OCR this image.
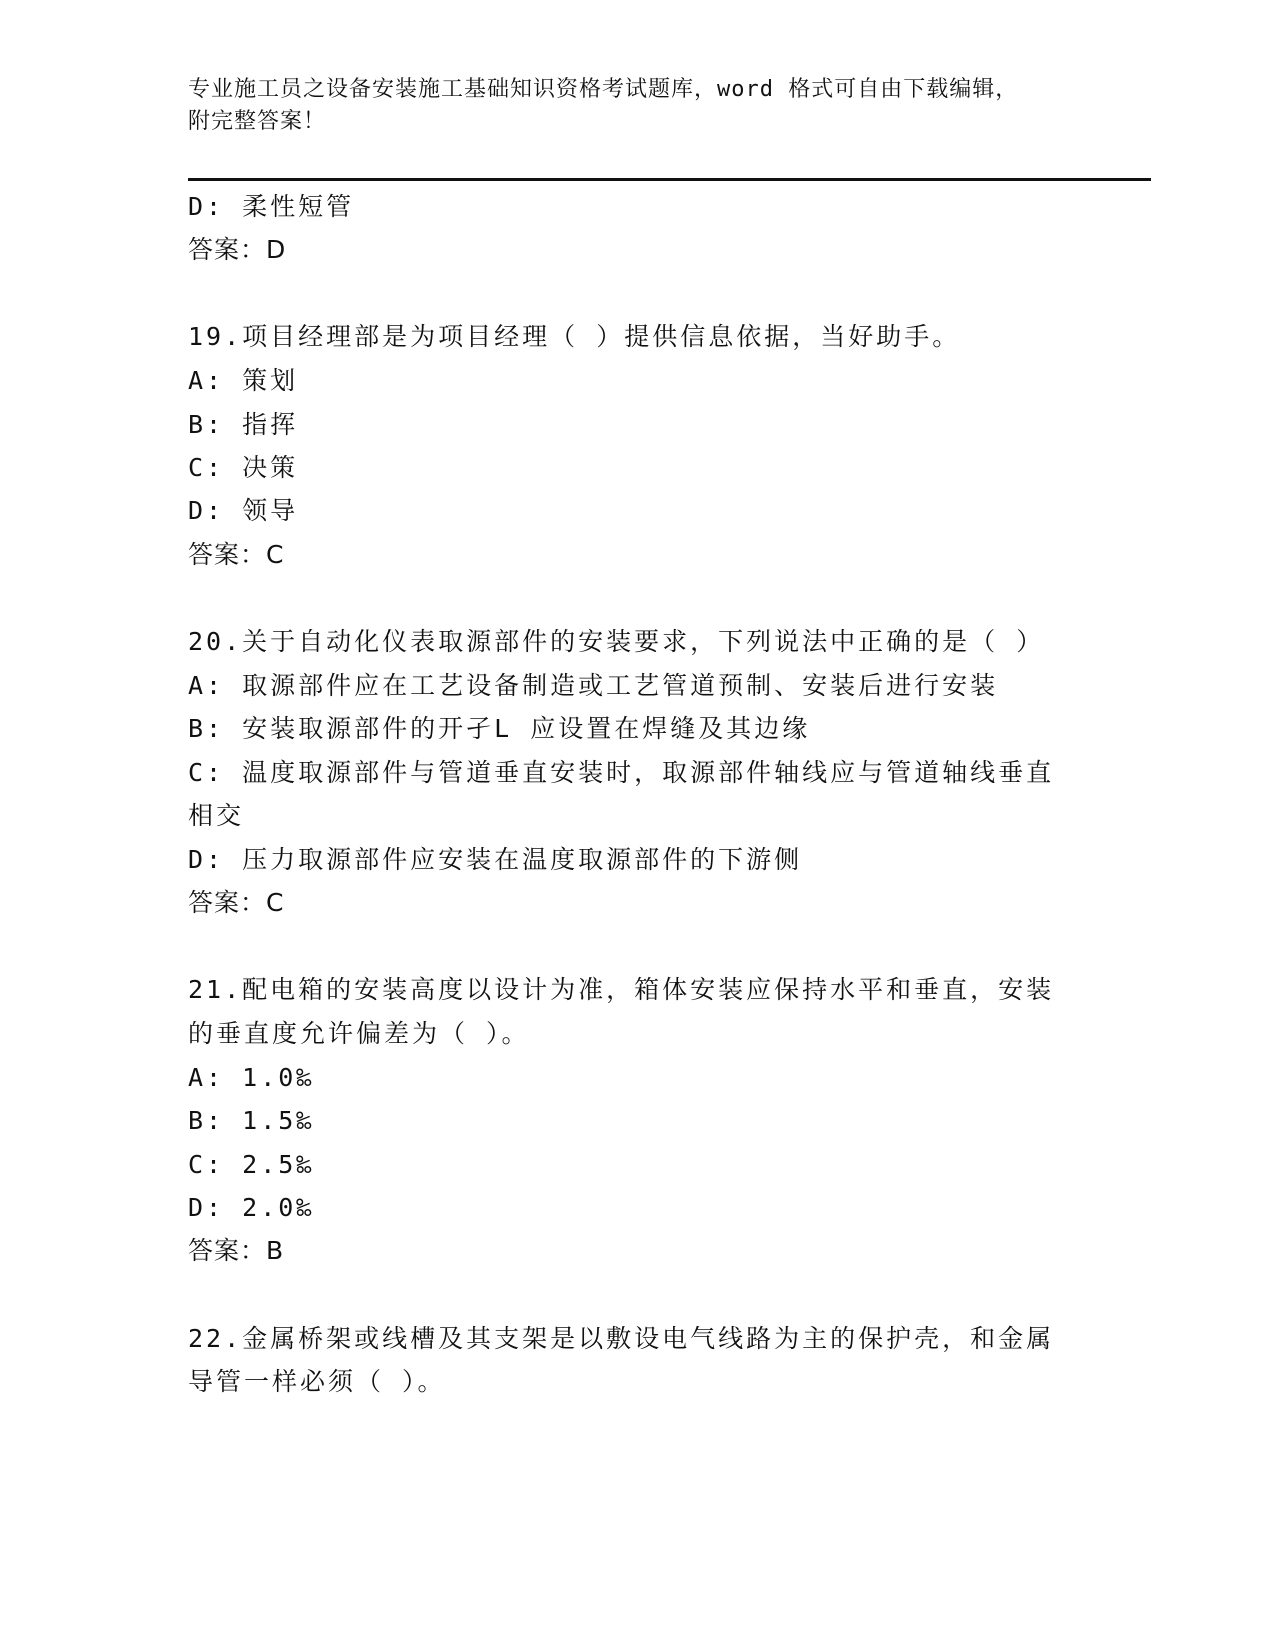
专业施工员之设备安装施工基础知识资格考试题库，word 格式可自由下载编辑，
附完整答案！
D: 柔性短管
答案：D
19.项目经理部是为项目经理（ ）提供信息依据，当好助手。
A: 策划
B: 指挥
C: 决策
D: 领导
答案：C
20.关于自动化仪表取源部件的安装要求，下列说法中正确的是（ ）
A: 取源部件应在工艺设备制造或工艺管道预制、安装后进行安装
B: 安装取源部件的开孑L 应设置在焊缝及其边缘
C: 温度取源部件与管道垂直安装时，取源部件轴线应与管道轴线垂直
相交
D: 压力取源部件应安装在温度取源部件的下游侧
答案：C
21.配电箱的安装高度以设计为准，箱体安装应保持水平和垂直，安装
的垂直度允许偏差为（ ）。
A: 1.0‰
B: 1.5‰
C: 2.5‰
D: 2.0‰
答案：B
22.金属桥架或线槽及其支架是以敷设电气线路为主的保护壳，和金属
导管一样必须（ ）。
